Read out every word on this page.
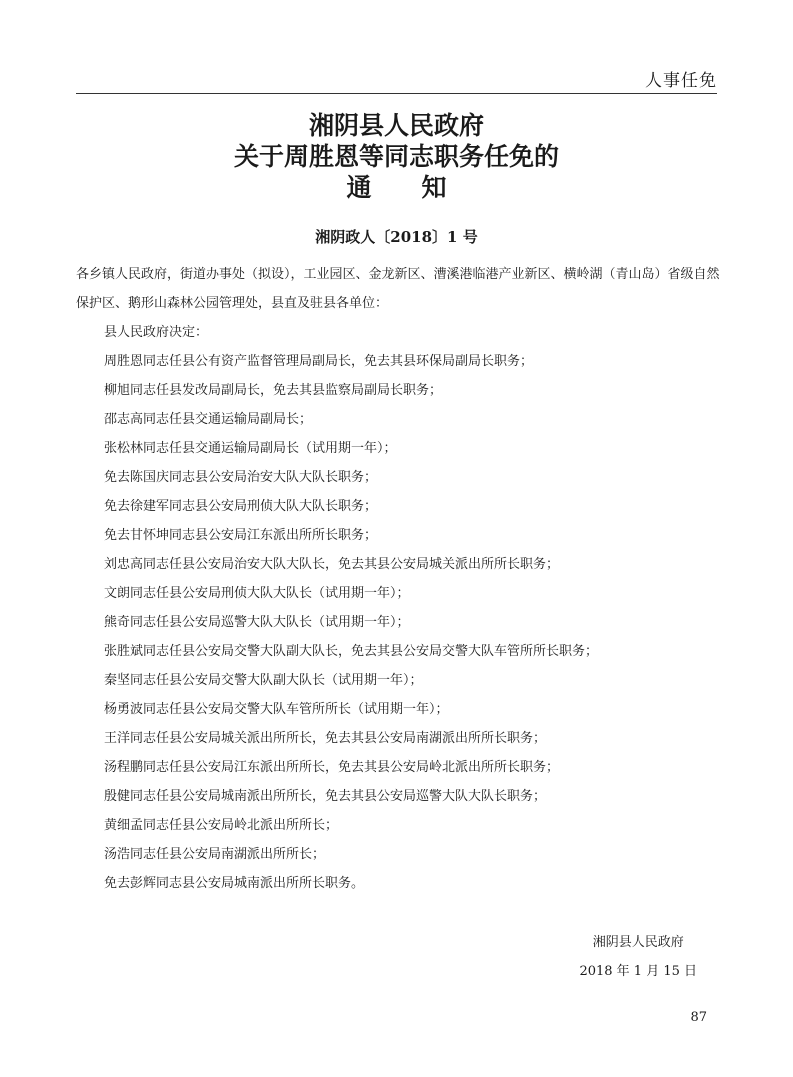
人事任免
湘阴县人民政府
关于周胜恩等同志职务任免的
通　　知
湘阴政人〔2018〕1 号
各乡镇人民政府，街道办事处（拟设），工业园区、金龙新区、漕溪港临港产业新区、横岭湖（青山岛）省级自然保护区、鹅形山森林公园管理处，县直及驻县各单位：
县人民政府决定：
周胜恩同志任县公有资产监督管理局副局长，免去其县环保局副局长职务；
柳旭同志任县发改局副局长，免去其县监察局副局长职务；
邵志高同志任县交通运输局副局长；
张松林同志任县交通运输局副局长（试用期一年）；
免去陈国庆同志县公安局治安大队大队长职务；
免去徐建军同志县公安局刑侦大队大队长职务；
免去甘怀坤同志县公安局江东派出所所长职务；
刘忠高同志任县公安局治安大队大队长，免去其县公安局城关派出所所长职务；
文朗同志任县公安局刑侦大队大队长（试用期一年）；
熊奇同志任县公安局巡警大队大队长（试用期一年）；
张胜斌同志任县公安局交警大队副大队长，免去其县公安局交警大队车管所所长职务；
秦坚同志任县公安局交警大队副大队长（试用期一年）；
杨勇波同志任县公安局交警大队车管所所长（试用期一年）；
王洋同志任县公安局城关派出所所长，免去其县公安局南湖派出所所长职务；
汤程鹏同志任县公安局江东派出所所长，免去其县公安局岭北派出所所长职务；
殷健同志任县公安局城南派出所所长，免去其县公安局巡警大队大队长职务；
黄细孟同志任县公安局岭北派出所所长；
汤浩同志任县公安局南湖派出所所长；
免去彭辉同志县公安局城南派出所所长职务。
湘阴县人民政府
2018 年 1 月 15 日
87
